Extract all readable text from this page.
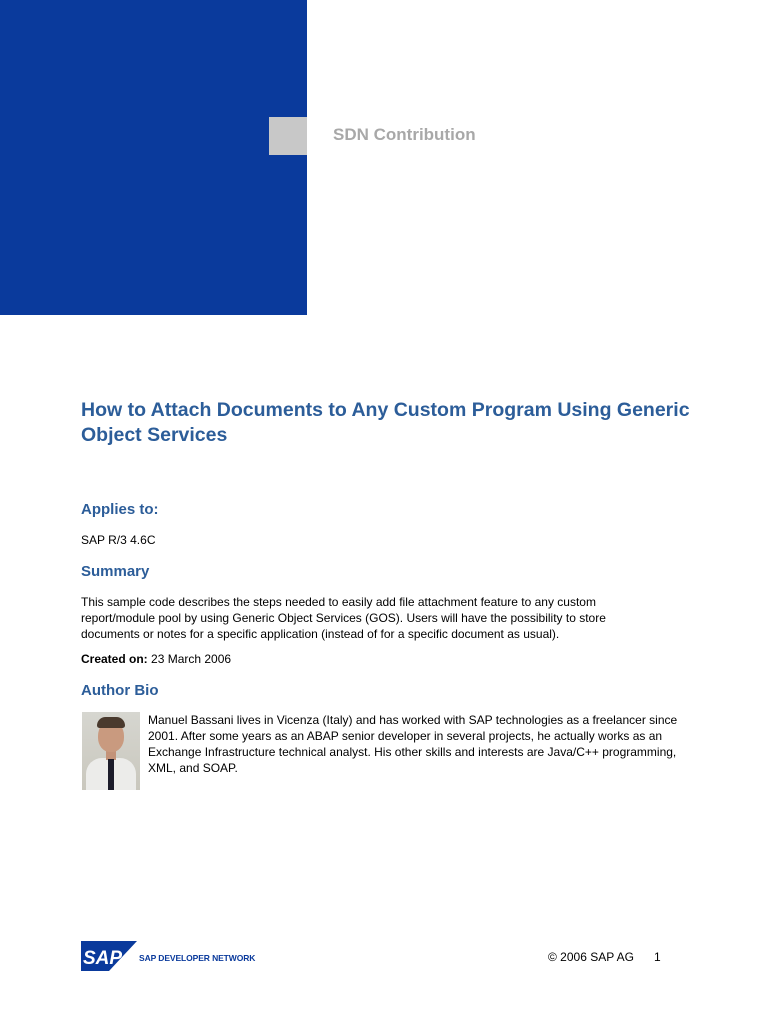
SDN Contribution
How to Attach Documents to Any Custom Program Using Generic Object Services
Applies to:
SAP R/3 4.6C
Summary
This sample code describes the steps needed to easily add file attachment feature to any custom report/module pool by using Generic Object Services (GOS). Users will have the possibility to store documents or notes for a specific application (instead of for a specific document as usual).
Created on: 23 March 2006
Author Bio
Manuel Bassani lives in Vicenza (Italy) and has worked with SAP technologies as a freelancer since 2001. After some years as an ABAP senior developer in several projects, he actually works as an Exchange Infrastructure technical analyst. His other skills and interests are Java/C++ programming, XML, and SOAP.
SAP SAP DEVELOPER NETWORK	© 2006 SAP AG 1
